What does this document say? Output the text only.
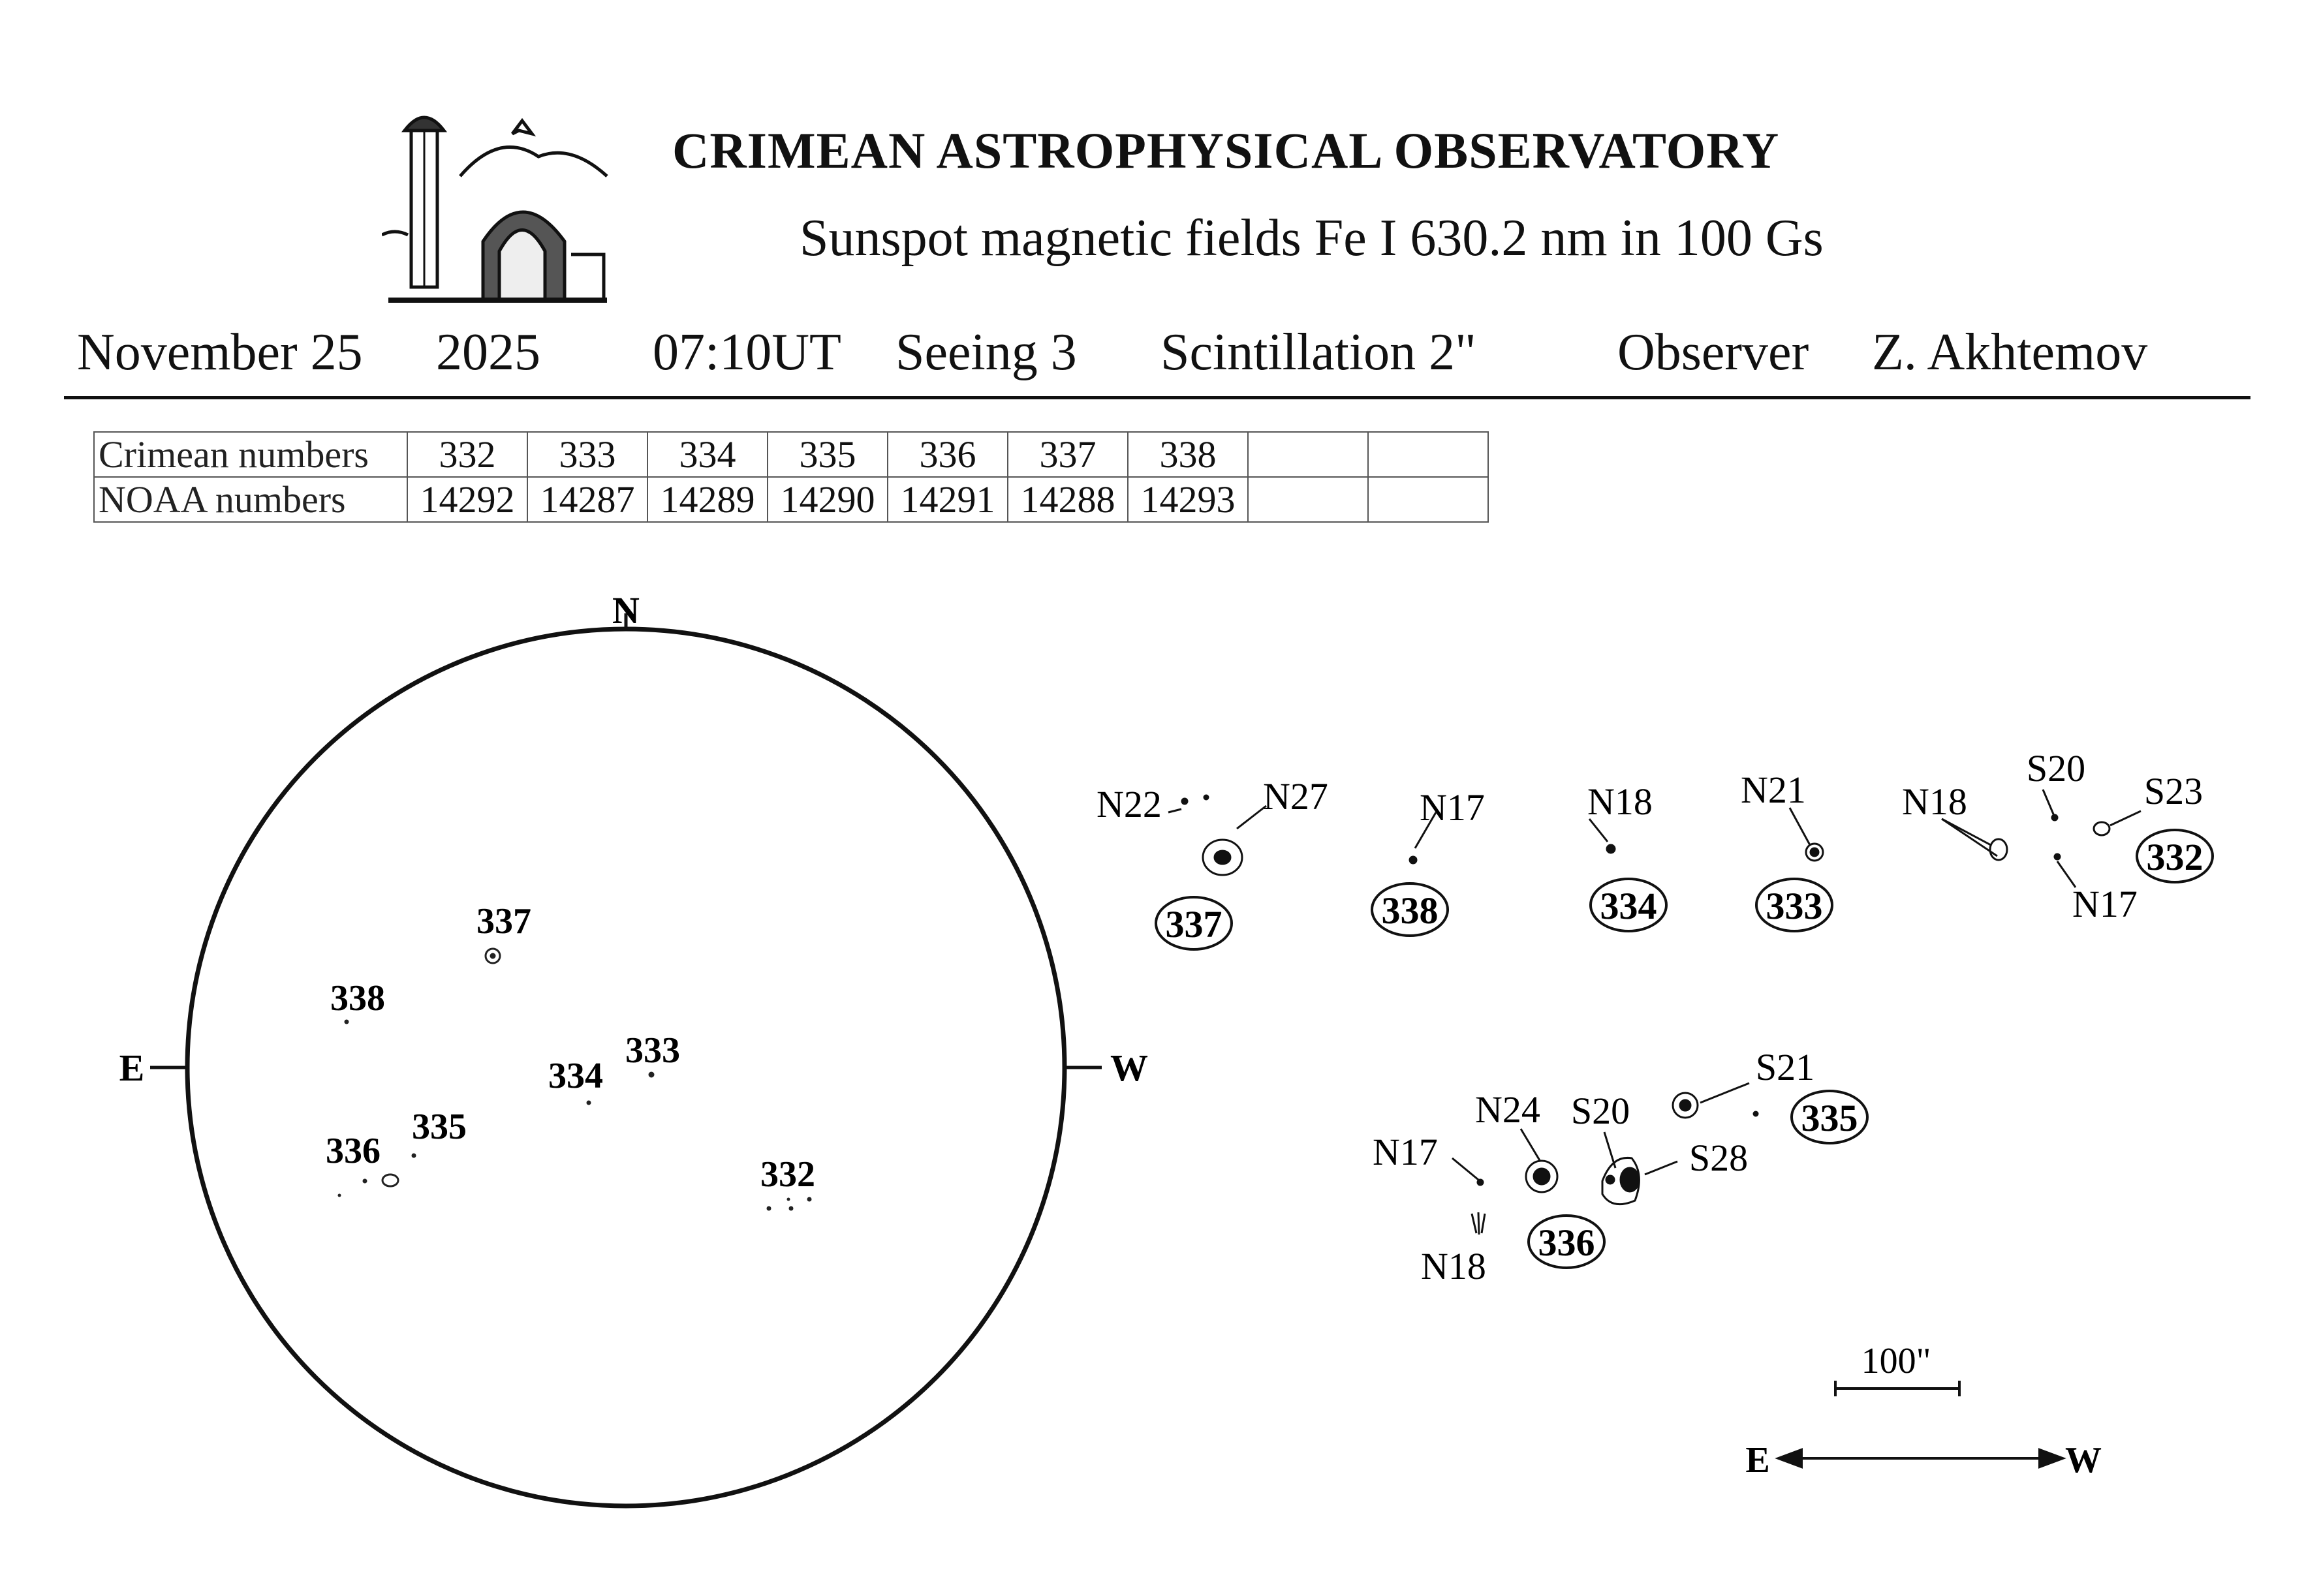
CRIMEAN ASTROPHYSICAL OBSERVATORY
Sunspot magnetic fields Fe I 630.2 nm in 100 Gs
November 25 2025 07:10UT Seeing 3 Scintillation 2"	Observer Z. Akhtemov
Crimean numbers	332	333	334	335	336	337	338		
NOAA numbers	14292	14287	14289	14290	14291	14288	14293		
N
E	W
337
338
334
333
335
336
332
337	338	334	333
332
335
336
N22	N27 N17	N18 N21	N18
S20
S23
N17
N24 S20
S21
S28
N17
N18
100"
E	W
